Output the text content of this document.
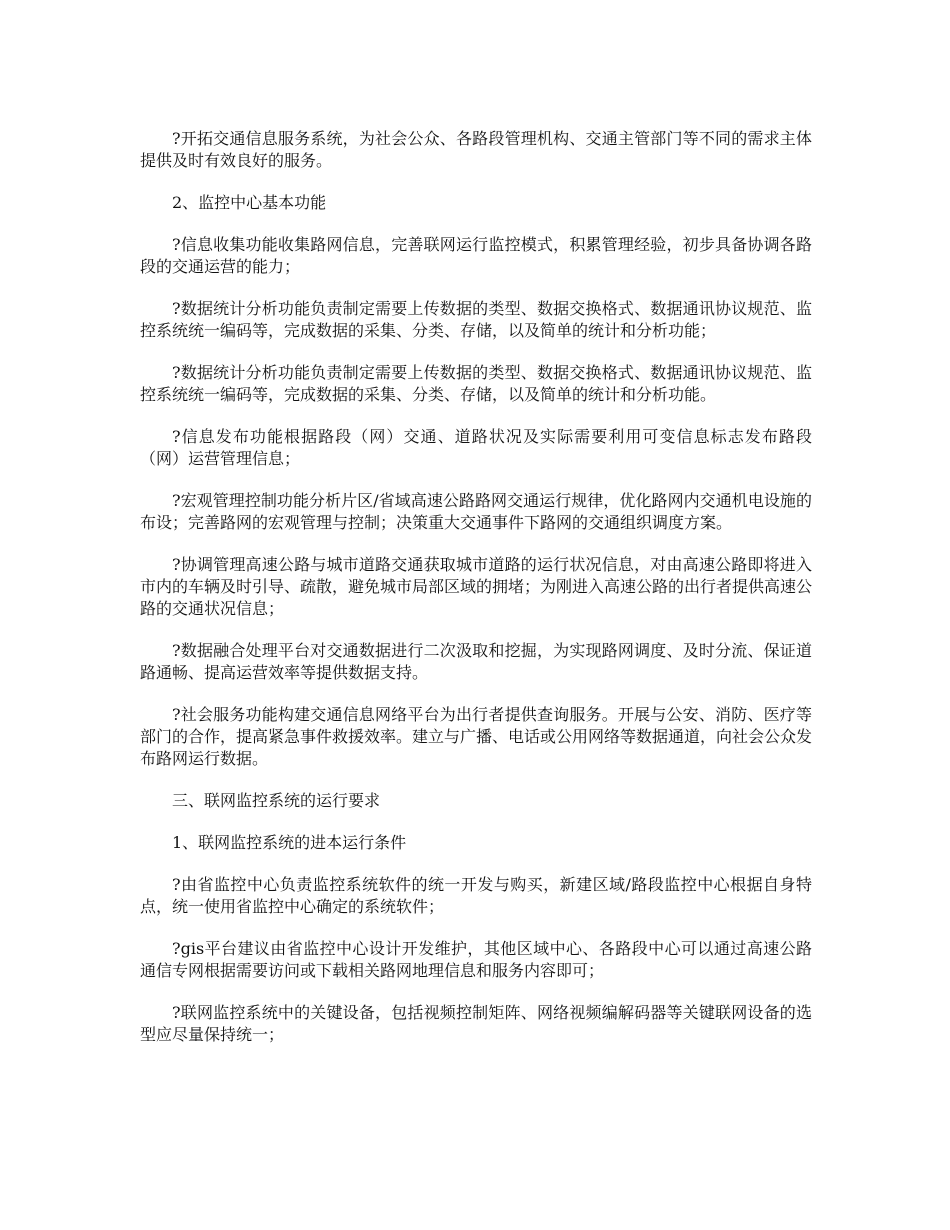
?开拓交通信息服务系统，为社会公众、各路段管理机构、交通主管部门等不同的需求主体提供及时有效良好的服务。

2、监控中心基本功能

?信息收集功能收集路网信息，完善联网运行监控模式，积累管理经验，初步具备协调各路段的交通运营的能力；

?数据统计分析功能负责制定需要上传数据的类型、数据交换格式、数据通讯协议规范、监控系统统一编码等，完成数据的采集、分类、存储，以及简单的统计和分析功能；

?数据统计分析功能负责制定需要上传数据的类型、数据交换格式、数据通讯协议规范、监控系统统一编码等，完成数据的采集、分类、存储，以及简单的统计和分析功能。

?信息发布功能根据路段（网）交通、道路状况及实际需要利用可变信息标志发布路段（网）运营管理信息；

?宏观管理控制功能分析片区/省域高速公路路网交通运行规律，优化路网内交通机电设施的布设；完善路网的宏观管理与控制；决策重大交通事件下路网的交通组织调度方案。

?协调管理高速公路与城市道路交通获取城市道路的运行状况信息，对由高速公路即将进入市内的车辆及时引导、疏散，避免城市局部区域的拥堵；为刚进入高速公路的出行者提供高速公路的交通状况信息；

?数据融合处理平台对交通数据进行二次汲取和挖掘，为实现路网调度、及时分流、保证道路通畅、提高运营效率等提供数据支持。

?社会服务功能构建交通信息网络平台为出行者提供查询服务。开展与公安、消防、医疗等部门的合作，提高紧急事件救援效率。建立与广播、电话或公用网络等数据通道，向社会公众发布路网运行数据。

三、联网监控系统的运行要求

1、联网监控系统的进本运行条件

?由省监控中心负责监控系统软件的统一开发与购买，新建区域/路段监控中心根据自身特点，统一使用省监控中心确定的系统软件；

?gis平台建议由省监控中心设计开发维护，其他区域中心、各路段中心可以通过高速公路通信专网根据需要访问或下载相关路网地理信息和服务内容即可；

?联网监控系统中的关键设备，包括视频控制矩阵、网络视频编解码器等关键联网设备的选型应尽量保持统一；
